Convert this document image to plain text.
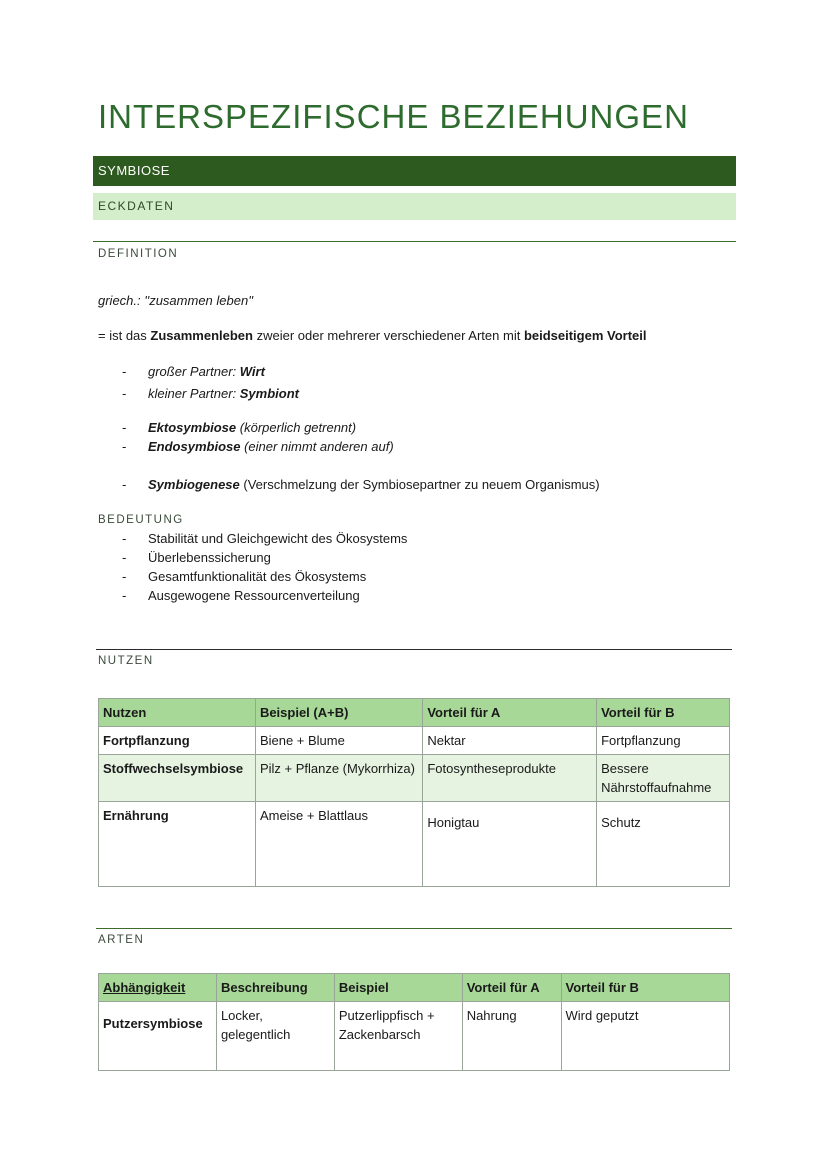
INTERSPEZIFISCHE BEZIEHUNGEN
SYMBIOSE
ECKDATEN
DEFINITION
griech.: ''zusammen leben''
= ist das Zusammenleben zweier oder mehrerer verschiedener Arten mit beidseitigem Vorteil
- großer Partner: Wirt
- kleiner Partner: Symbiont
- Ektosymbiose (körperlich getrennt)
- Endosymbiose (einer nimmt anderen auf)
- Symbiogenese (Verschmelzung der Symbiosepartner zu neuem Organismus)
BEDEUTUNG
- Stabilität und Gleichgewicht des Ökosystems
- Überlebenssicherung
- Gesamtfunktionalität des Ökosystems
- Ausgewogene Ressourcenverteilung
NUTZEN
Nutzen	Beispiel (A+B)	Vorteil für A	Vorteil für B
Fortpflanzung	Biene + Blume	Nektar	Fortpflanzung
Stoffwechselsymbiose	Pilz + Pflanze (Mykorrhiza)	Fotosyntheseprodukte	Bessere Nährstoffaufnahme
Ernährung	Ameise + Blattlaus	Honigtau	Schutz
ARTEN
Abhängigkeit	Beschreibung	Beispiel	Vorteil für A	Vorteil für B
Putzersymbiose	Locker, gelegentlich	Putzerlippfisch + Zackenbarsch	Nahrung	Wird geputzt
